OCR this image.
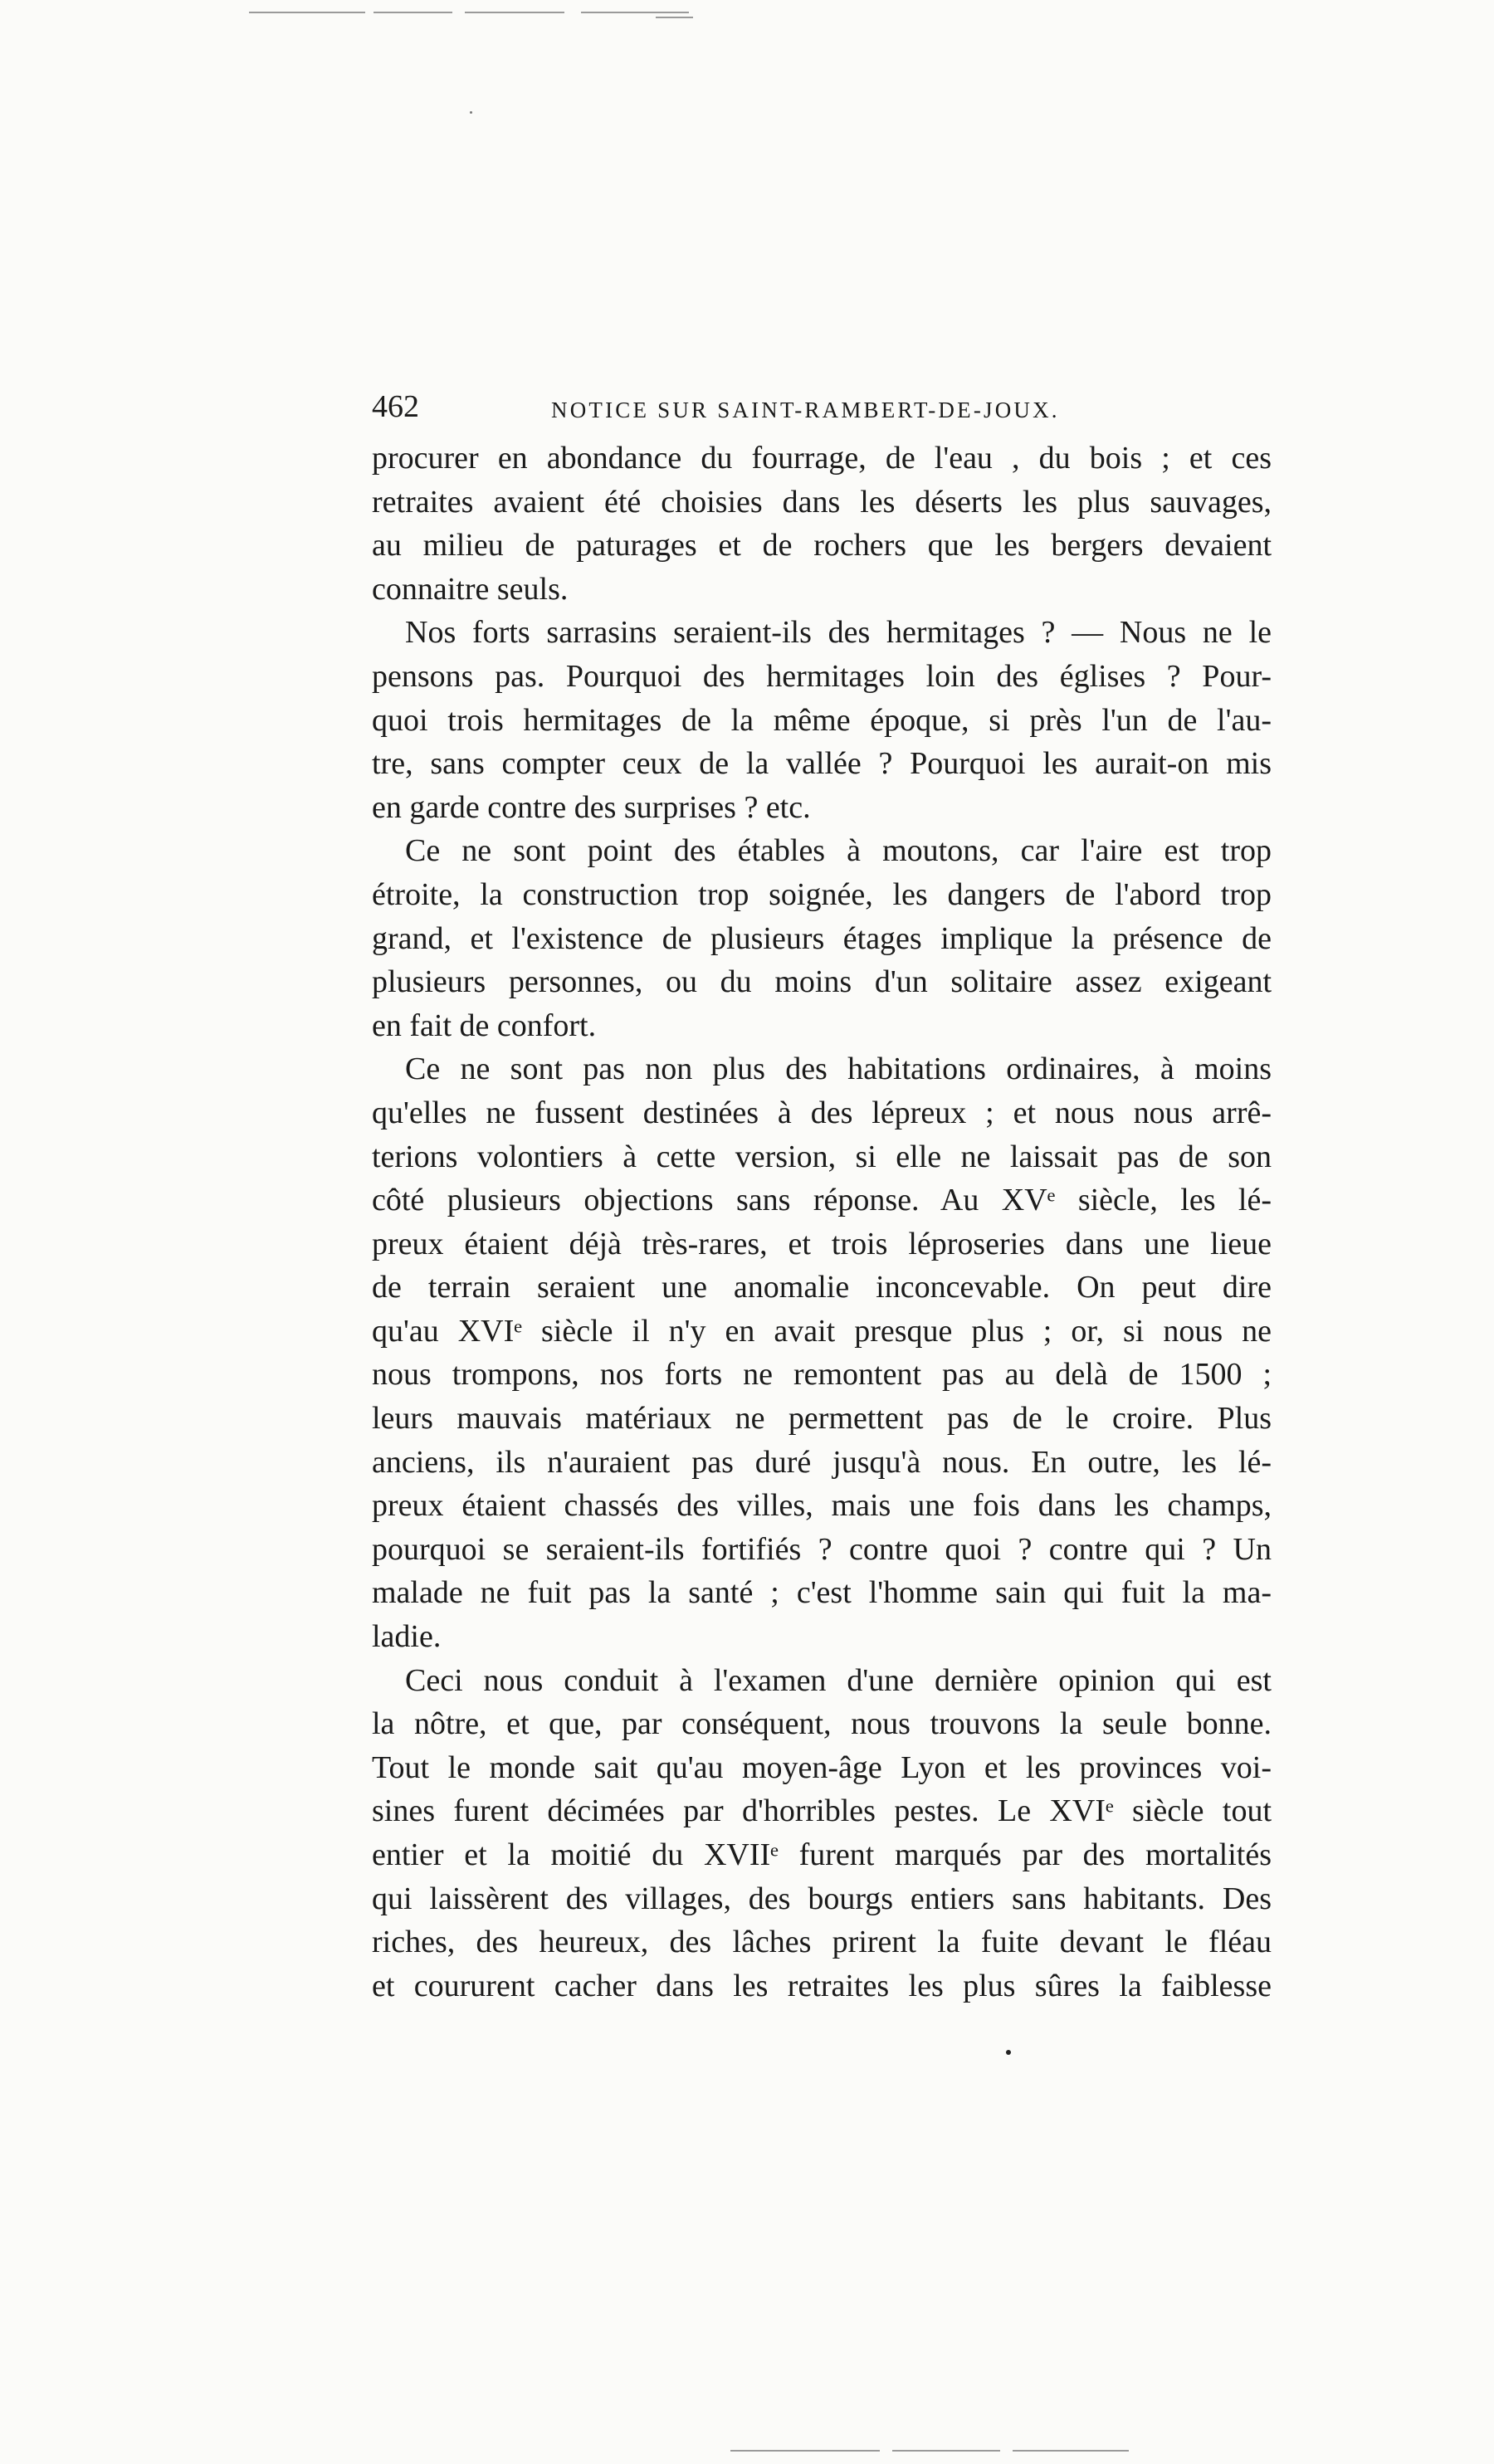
462	NOTICE SUR SAINT-RAMBERT-DE-JOUX.
procurer en abondance du fourrage, de l'eau , du bois ; et ces
retraites avaient été choisies dans les déserts les plus sauvages,
au milieu de paturages et de rochers que les bergers devaient
connaitre seuls.
Nos forts sarrasins seraient-ils des hermitages ? — Nous ne le
pensons pas. Pourquoi des hermitages loin des églises ? Pour-
quoi trois hermitages de la même époque, si près l'un de l'au-
tre, sans compter ceux de la vallée ? Pourquoi les aurait-on mis
en garde contre des surprises ? etc.
Ce ne sont point des étables à moutons, car l'aire est trop
étroite, la construction trop soignée, les dangers de l'abord trop
grand, et l'existence de plusieurs étages implique la présence de
plusieurs personnes, ou du moins d'un solitaire assez exigeant
en fait de confort.
Ce ne sont pas non plus des habitations ordinaires, à moins
qu'elles ne fussent destinées à des lépreux ; et nous nous arrê-
terions volontiers à cette version, si elle ne laissait pas de son
côté plusieurs objections sans réponse. Au XVᵉ siècle, les lé-
preux étaient déjà très-rares, et trois léproseries dans une lieue
de terrain seraient une anomalie inconcevable. On peut dire
qu'au XVIᵉ siècle il n'y en avait presque plus ; or, si nous ne
nous trompons, nos forts ne remontent pas au delà de 1500 ;
leurs mauvais matériaux ne permettent pas de le croire. Plus
anciens, ils n'auraient pas duré jusqu'à nous. En outre, les lé-
preux étaient chassés des villes, mais une fois dans les champs,
pourquoi se seraient-ils fortifiés ? contre quoi ? contre qui ? Un
malade ne fuit pas la santé ; c'est l'homme sain qui fuit la ma-
ladie.
Ceci nous conduit à l'examen d'une dernière opinion qui est
la nôtre, et que, par conséquent, nous trouvons la seule bonne.
Tout le monde sait qu'au moyen-âge Lyon et les provinces voi-
sines furent décimées par d'horribles pestes. Le XVIᵉ siècle tout
entier et la moitié du XVIIᵉ furent marqués par des mortalités
qui laissèrent des villages, des bourgs entiers sans habitants. Des
riches, des heureux, des lâches prirent la fuite devant le fléau
et coururent cacher dans les retraites les plus sûres la faiblesse
